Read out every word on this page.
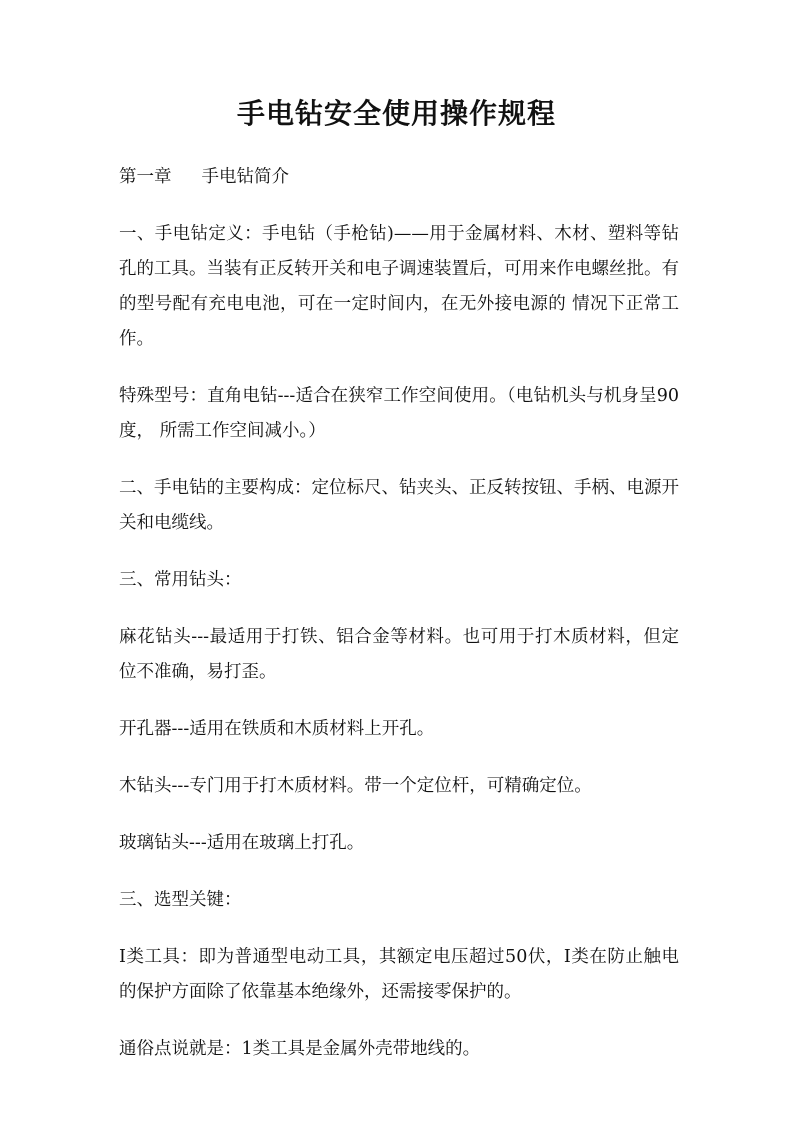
手电钻安全使用操作规程

第一章 手电钻简介

一、手电钻定义：手电钻（手枪钻)——用于金属材料、木材、塑料等钻孔的工具。当装有正反转开关和电子调速装置后，可用来作电螺丝批。有的型号配有充电电池，可在一定时间内，在无外接电源的 情况下正常工作。

特殊型号：直角电钻---适合在狭窄工作空间使用。（电钻机头与机身呈90度， 所需工作空间减小。）

二、手电钻的主要构成：定位标尺、钻夹头、正反转按钮、手柄、电源开关和电缆线。

三、常用钻头：

麻花钻头---最适用于打铁、铝合金等材料。也可用于打木质材料，但定位不准确，易打歪。

开孔器---适用在铁质和木质材料上开孔。

木钻头---专门用于打木质材料。带一个定位杆，可精确定位。

玻璃钻头---适用在玻璃上打孔。

三、选型关键：

Ⅰ类工具：即为普通型电动工具，其额定电压超过50伏，Ⅰ类在防止触电的保护方面除了依靠基本绝缘外，还需接零保护的。

通俗点说就是：1类工具是金属外壳带地线的。
